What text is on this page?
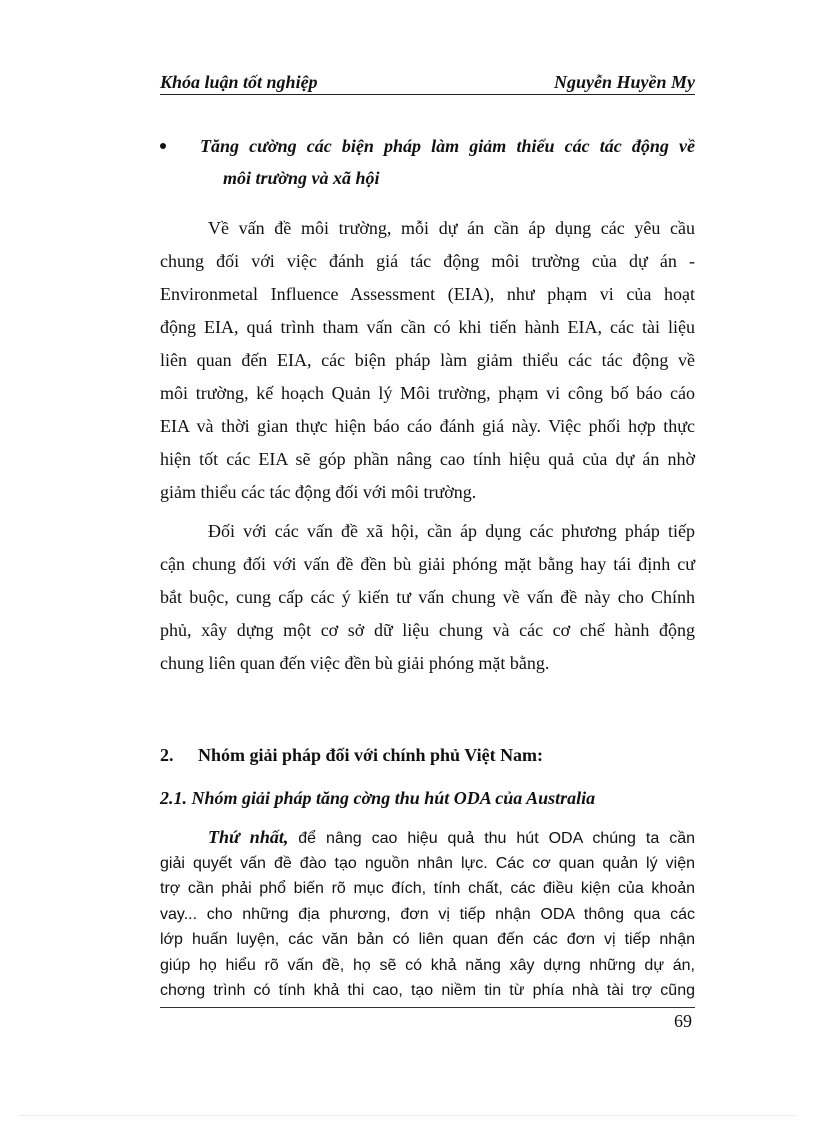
Khóa luận tốt nghiệp	Nguyễn Huyền My
Tăng cường các biện pháp làm giảm thiểu các tác động về
môi trường và xã hội
Về vấn đề môi trường, mỗi dự án cần áp dụng các yêu cầu
chung đối với việc đánh giá tác động môi trường của dự án -
Environmetal Influence Assessment (EIA), như phạm vi của hoạt
động EIA, quá trình tham vấn cần có khi tiến hành EIA, các tài liệu
liên quan đến EIA, các biện pháp làm giảm thiểu các tác động về
môi trường, kế hoạch Quản lý Môi trường, phạm vi công bố báo cáo
EIA và thời gian thực hiện báo cáo đánh giá này. Việc phối hợp thực
hiện tốt các EIA sẽ góp phần nâng cao tính hiệu quả của dự án nhờ
giảm thiểu các tác động đối với môi trường.
Đối với các vấn đề xã hội, cần áp dụng các phương pháp tiếp
cận chung đối với vấn đề đền bù giải phóng mặt bằng hay tái định cư
bắt buộc, cung cấp các ý kiến tư vấn chung về vấn đề này cho Chính
phủ, xây dựng một cơ sở dữ liệu chung và các cơ chế hành động
chung liên quan đến việc đền bù giải phóng mặt bằng.
2. Nhóm giải pháp đối với chính phủ Việt Nam:
2.1. Nhóm giải pháp tăng cờng thu hút ODA của Australia
Thứ nhất, để nâng cao hiệu quả thu hút ODA chúng ta cần
giải quyết vấn đề đào tạo nguồn nhân lực. Các cơ quan quản lý viện
trợ cần phải phổ biến rõ mục đích, tính chất, các điều kiện của khoản
vay... cho những địa phương, đơn vị tiếp nhận ODA thông qua các
lớp huấn luyện, các văn bản có liên quan đến các đơn vị tiếp nhận
giúp họ hiểu rõ vấn đề, họ sẽ có khả năng xây dựng những dự án,
chơng trình có tính khả thi cao, tạo niềm tin từ phía nhà tài trợ cũng
69
